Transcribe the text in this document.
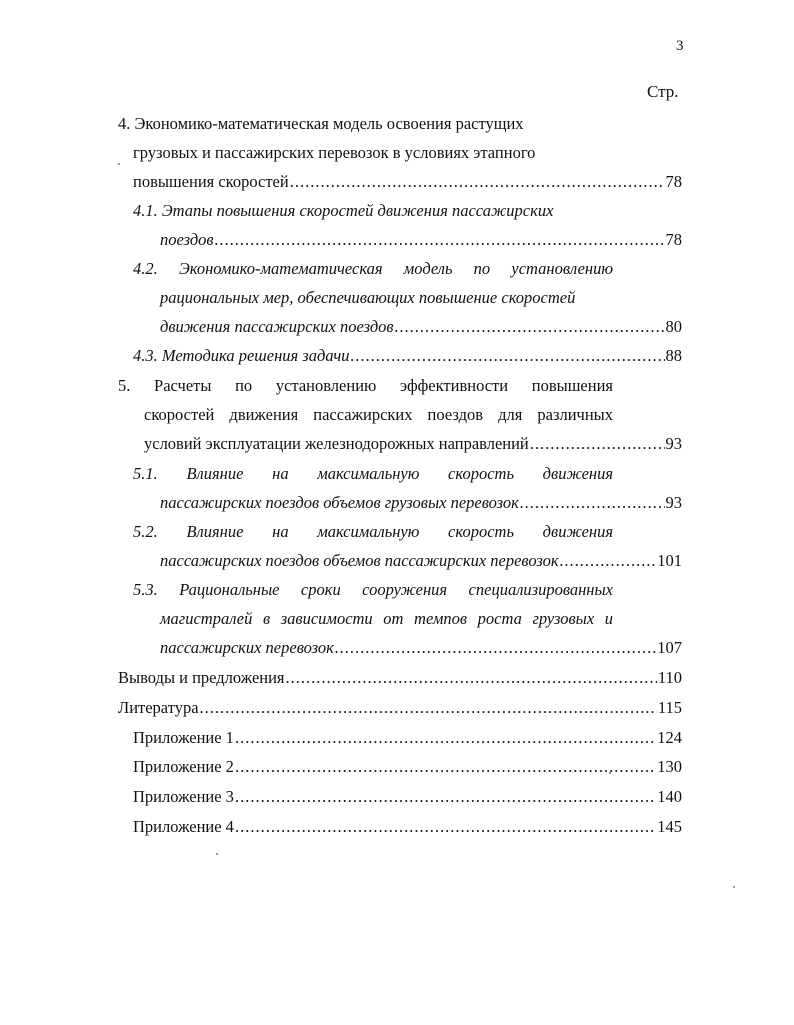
3
Стр.
4. Экономико-математическая модель освоения растущих
грузовых и пассажирских перевозок в условиях этапного
повышения скоростей .....	78
4.1. Этапы повышения скоростей движения пассажирских
поездов .....	78
4.2. Экономико-математическая модель по установлению
рациональных мер, обеспечивающих повышение скоростей
движения пассажирских поездов .....	80
4.3. Методика решения задачи .....	88
5. Расчеты по установлению эффективности повышения
скоростей движения пассажирских поездов для различных
условий эксплуатации железнодорожных направлений .....	93
5.1. Влияние на максимальную скорость движения
пассажирских поездов объемов грузовых перевозок .....	93
5.2. Влияние на максимальную скорость движения
пассажирских поездов объемов пассажирских перевозок .....	101
5.3. Рациональные сроки сооружения специализированных
магистралей в зависимости от темпов роста грузовых и
пассажирских перевозок .....	107
Выводы и предложения .....	110
Литература .....	115
Приложение 1 .....	124
Приложение 2 .....	130
Приложение 3 .....	140
Приложение 4 .....	145
